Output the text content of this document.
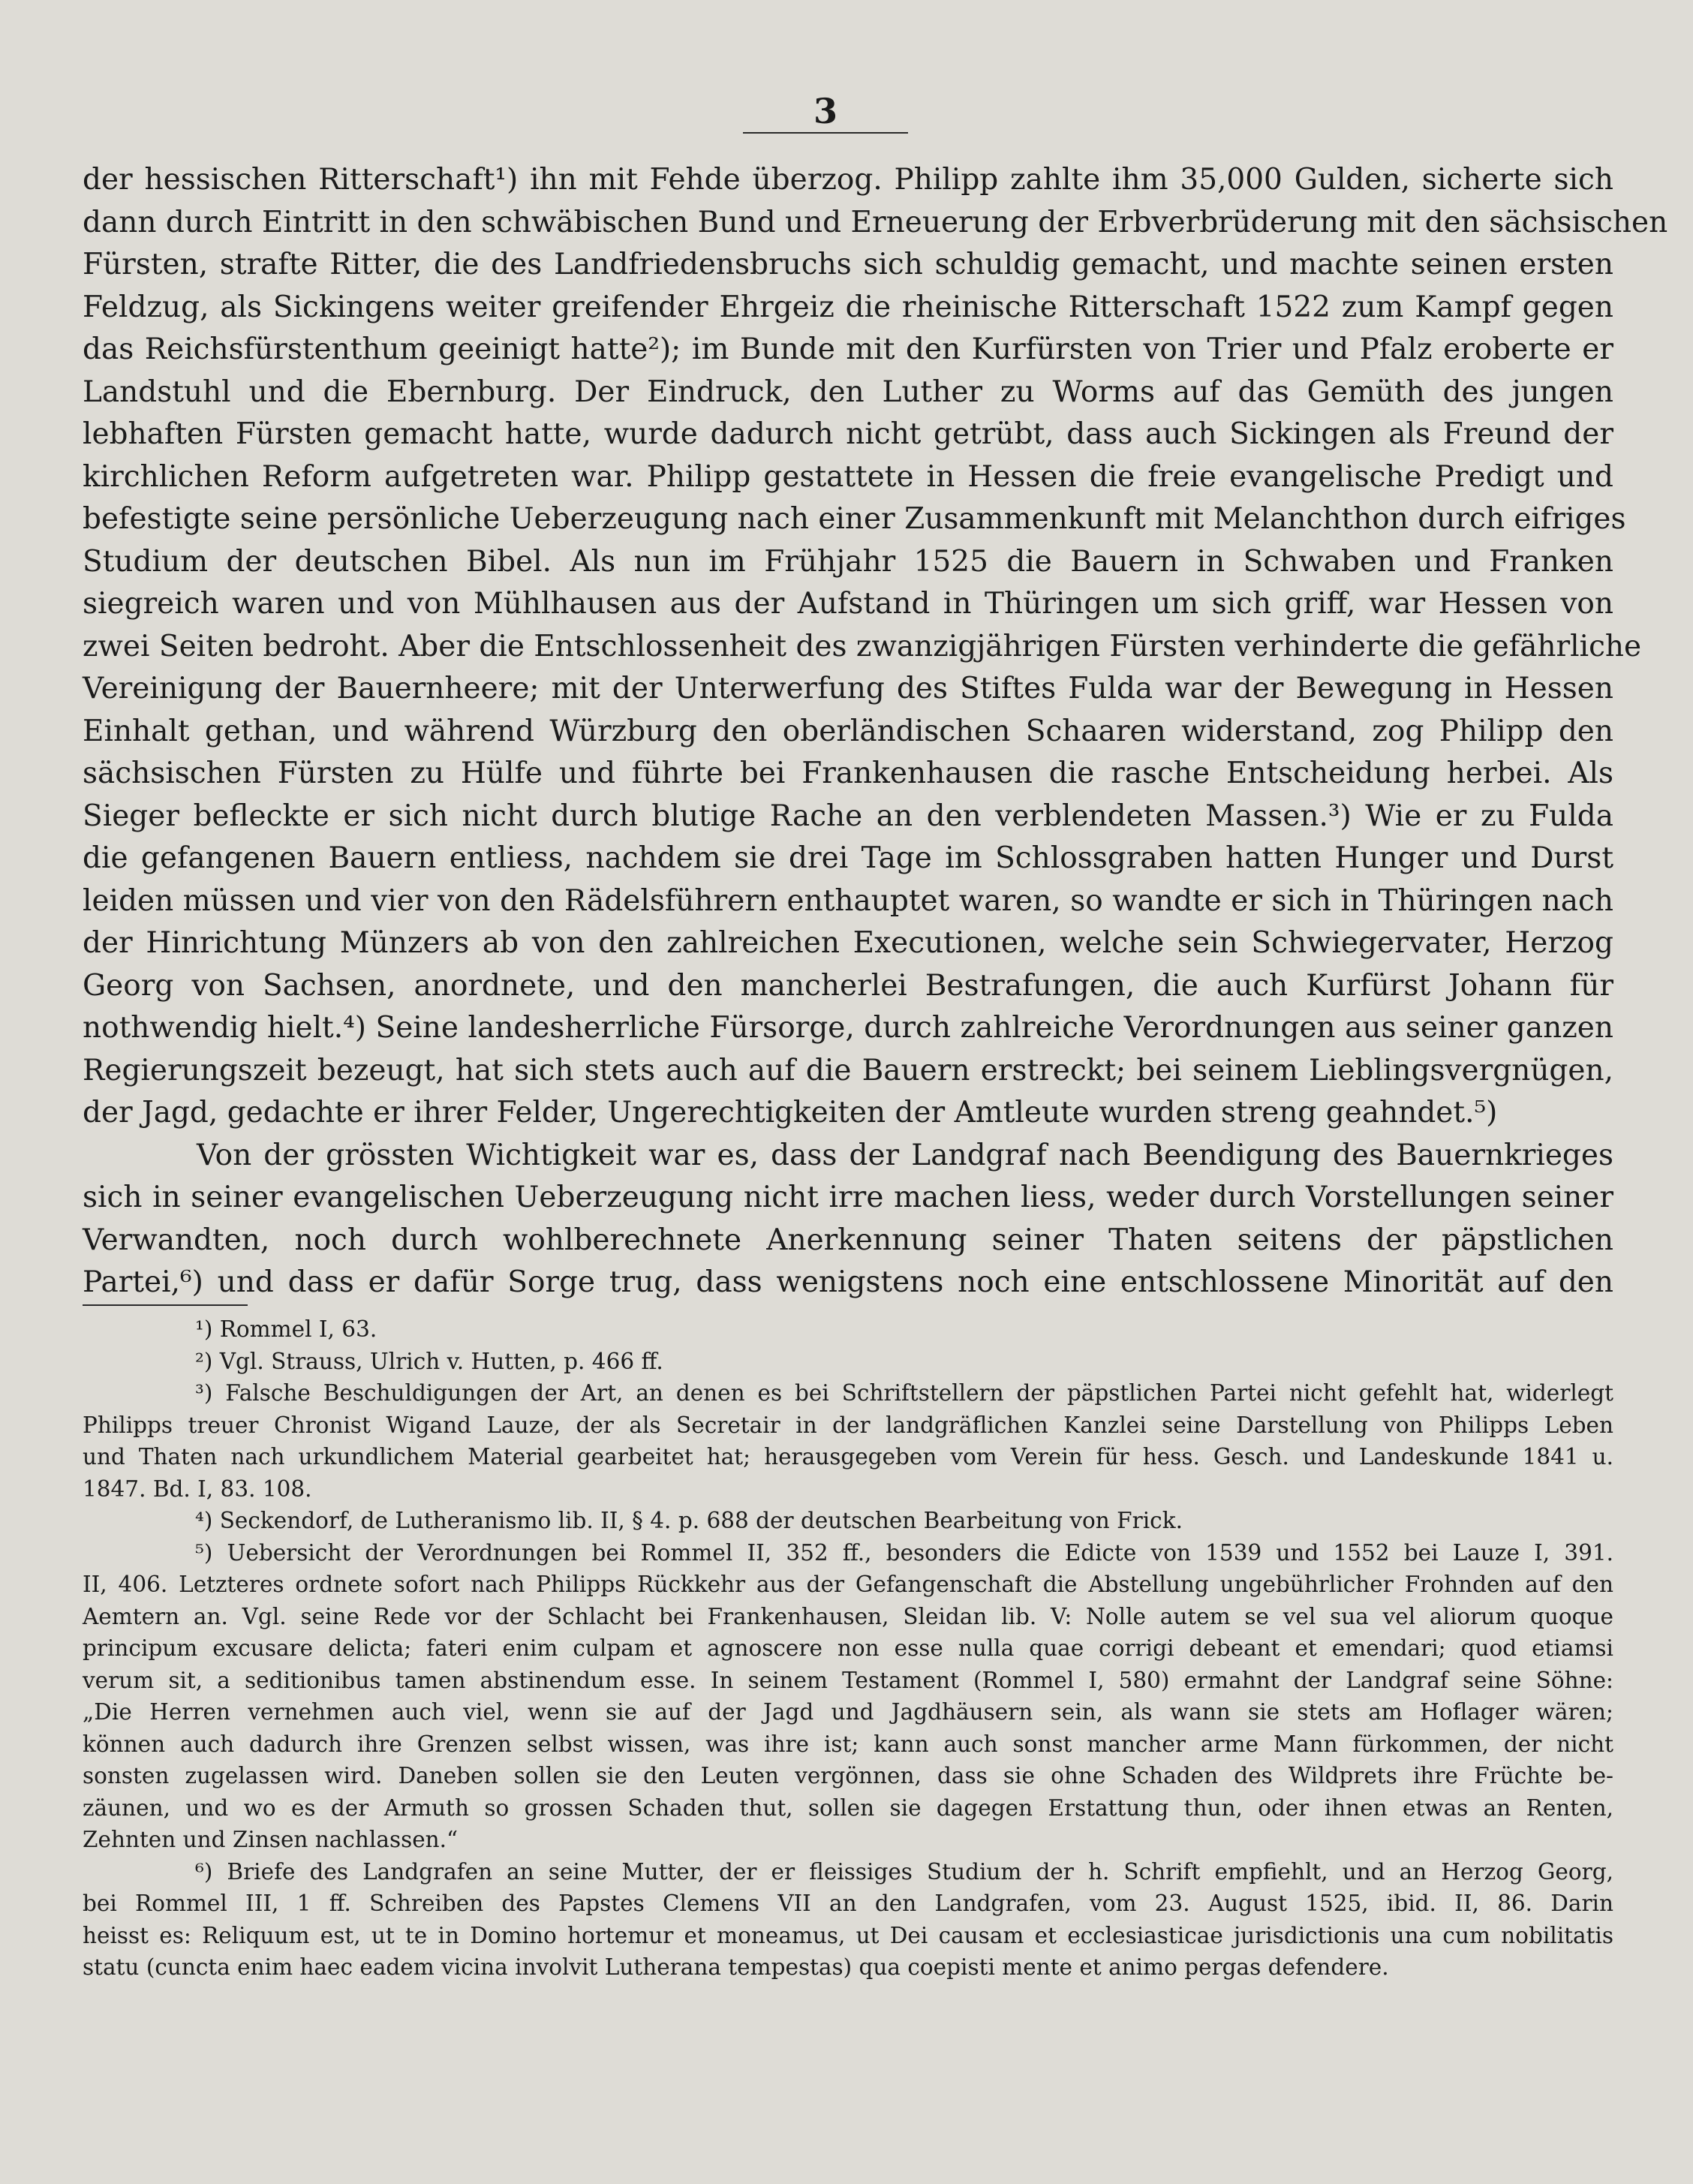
3
der hessischen Ritterschaft¹) ihn mit Fehde überzog. Philipp zahlte ihm 35,000 Gulden, sicherte sich
dann durch Eintritt in den schwäbischen Bund und Erneuerung der Erbverbrüderung mit den sächsischen
Fürsten, strafte Ritter, die des Landfriedensbruchs sich schuldig gemacht, und machte seinen ersten
Feldzug, als Sickingens weiter greifender Ehrgeiz die rheinische Ritterschaft 1522 zum Kampf gegen
das Reichsfürstenthum geeinigt hatte²); im Bunde mit den Kurfürsten von Trier und Pfalz eroberte er
Landstuhl und die Ebernburg. Der Eindruck, den Luther zu Worms auf das Gemüth des jungen
lebhaften Fürsten gemacht hatte, wurde dadurch nicht getrübt, dass auch Sickingen als Freund der
kirchlichen Reform aufgetreten war. Philipp gestattete in Hessen die freie evangelische Predigt und
befestigte seine persönliche Ueberzeugung nach einer Zusammenkunft mit Melanchthon durch eifriges
Studium der deutschen Bibel. Als nun im Frühjahr 1525 die Bauern in Schwaben und Franken
siegreich waren und von Mühlhausen aus der Aufstand in Thüringen um sich griff, war Hessen von
zwei Seiten bedroht. Aber die Entschlossenheit des zwanzigjährigen Fürsten verhinderte die gefährliche
Vereinigung der Bauernheere; mit der Unterwerfung des Stiftes Fulda war der Bewegung in Hessen
Einhalt gethan, und während Würzburg den oberländischen Schaaren widerstand, zog Philipp den
sächsischen Fürsten zu Hülfe und führte bei Frankenhausen die rasche Entscheidung herbei. Als
Sieger befleckte er sich nicht durch blutige Rache an den verblendeten Massen.³) Wie er zu Fulda
die gefangenen Bauern entliess, nachdem sie drei Tage im Schlossgraben hatten Hunger und Durst
leiden müssen und vier von den Rädelsführern enthauptet waren, so wandte er sich in Thüringen nach
der Hinrichtung Münzers ab von den zahlreichen Executionen, welche sein Schwiegervater, Herzog
Georg von Sachsen, anordnete, und den mancherlei Bestrafungen, die auch Kurfürst Johann für
nothwendig hielt.⁴) Seine landesherrliche Fürsorge, durch zahlreiche Verordnungen aus seiner ganzen
Regierungszeit bezeugt, hat sich stets auch auf die Bauern erstreckt; bei seinem Lieblingsvergnügen,
der Jagd, gedachte er ihrer Felder, Ungerechtigkeiten der Amtleute wurden streng geahndet.⁵)
Von der grössten Wichtigkeit war es, dass der Landgraf nach Beendigung des Bauernkrieges
sich in seiner evangelischen Ueberzeugung nicht irre machen liess, weder durch Vorstellungen seiner
Verwandten, noch durch wohlberechnete Anerkennung seiner Thaten seitens der päpstlichen
Partei,⁶) und dass er dafür Sorge trug, dass wenigstens noch eine entschlossene Minorität auf den
¹) Rommel I, 63.
²) Vgl. Strauss, Ulrich v. Hutten, p. 466 ff.
³) Falsche Beschuldigungen der Art, an denen es bei Schriftstellern der päpstlichen Partei nicht gefehlt hat, widerlegt
Philipps treuer Chronist Wigand Lauze, der als Secretair in der landgräflichen Kanzlei seine Darstellung von Philipps Leben
und Thaten nach urkundlichem Material gearbeitet hat; herausgegeben vom Verein für hess. Gesch. und Landeskunde 1841 u.
1847. Bd. I, 83. 108.
⁴) Seckendorf, de Lutheranismo lib. II, § 4. p. 688 der deutschen Bearbeitung von Frick.
⁵) Uebersicht der Verordnungen bei Rommel II, 352 ff., besonders die Edicte von 1539 und 1552 bei Lauze I, 391.
II, 406. Letzteres ordnete sofort nach Philipps Rückkehr aus der Gefangenschaft die Abstellung ungebührlicher Frohnden auf den
Aemtern an. Vgl. seine Rede vor der Schlacht bei Frankenhausen, Sleidan lib. V: Nolle autem se vel sua vel aliorum quoque
principum excusare delicta; fateri enim culpam et agnoscere non esse nulla quae corrigi debeant et emendari; quod etiamsi
verum sit, a seditionibus tamen abstinendum esse. In seinem Testament (Rommel I, 580) ermahnt der Landgraf seine Söhne:
„Die Herren vernehmen auch viel, wenn sie auf der Jagd und Jagdhäusern sein, als wann sie stets am Hoflager wären;
können auch dadurch ihre Grenzen selbst wissen, was ihre ist; kann auch sonst mancher arme Mann fürkommen, der nicht
sonsten zugelassen wird. Daneben sollen sie den Leuten vergönnen, dass sie ohne Schaden des Wildprets ihre Früchte be-
zäunen, und wo es der Armuth so grossen Schaden thut, sollen sie dagegen Erstattung thun, oder ihnen etwas an Renten,
Zehnten und Zinsen nachlassen.“
⁶) Briefe des Landgrafen an seine Mutter, der er fleissiges Studium der h. Schrift empfiehlt, und an Herzog Georg,
bei Rommel III, 1 ff. Schreiben des Papstes Clemens VII an den Landgrafen, vom 23. August 1525, ibid. II, 86. Darin
heisst es: Reliquum est, ut te in Domino hortemur et moneamus, ut Dei causam et ecclesiasticae jurisdictionis una cum nobilitatis
statu (cuncta enim haec eadem vicina involvit Lutherana tempestas) qua coepisti mente et animo pergas defendere.
